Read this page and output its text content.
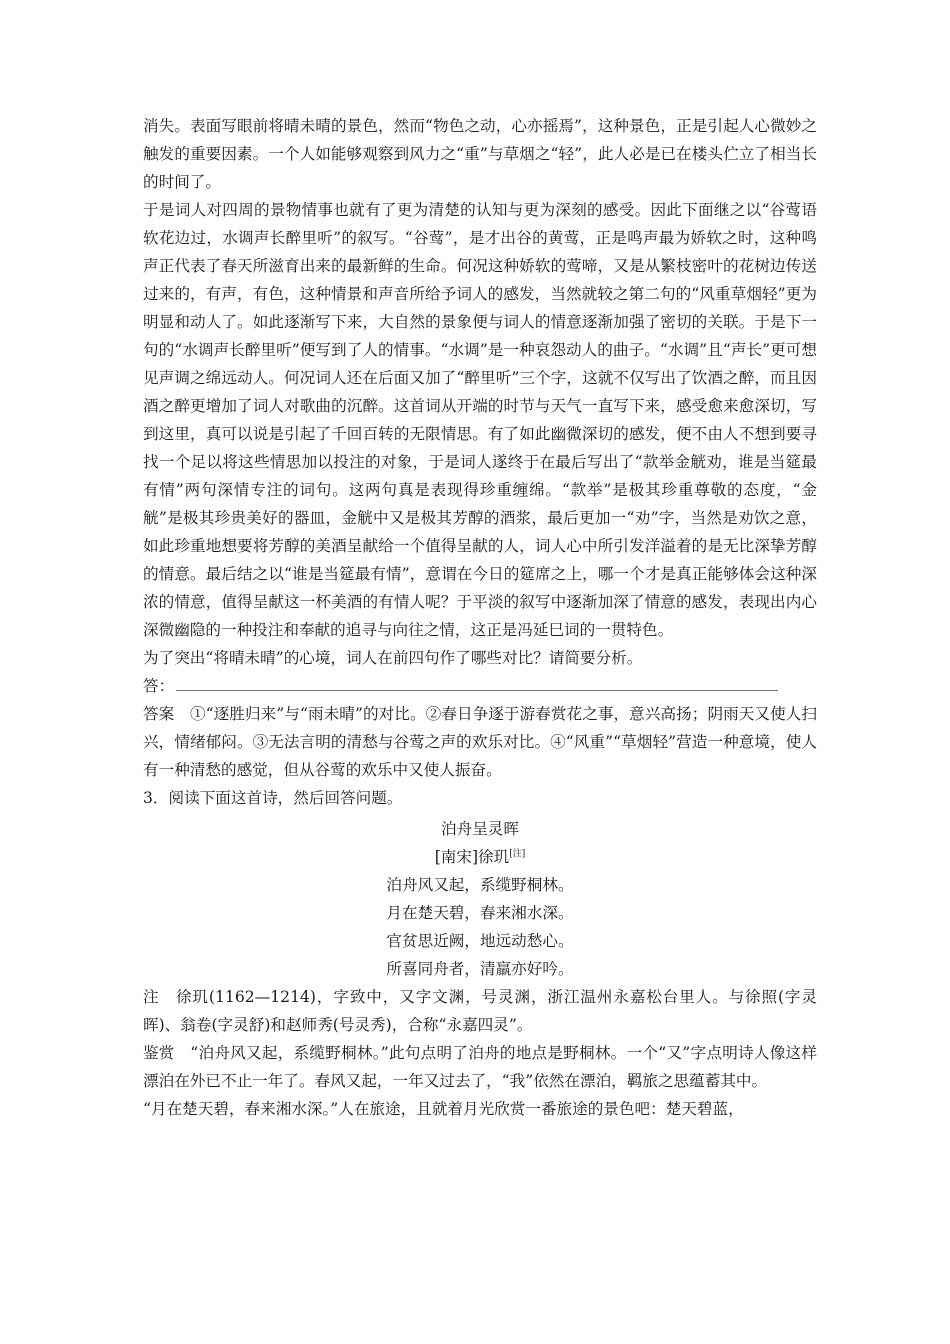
消失。表面写眼前将晴未晴的景色，然而“物色之动，心亦摇焉”，这种景色，正是引起人心微妙之触发的重要因素。一个人如能够观察到风力之“重”与草烟之“轻”，此人必是已在楼头伫立了相当长的时间了。

于是词人对四周的景物情事也就有了更为清楚的认知与更为深刻的感受。因此下面继之以“谷莺语软花边过，水调声长醉里听”的叙写。“谷莺”，是才出谷的黄莺，正是鸣声最为娇软之时，这种鸣声正代表了春天所滋育出来的最新鲜的生命。何况这种娇软的莺啼，又是从繁枝密叶的花树边传送过来的，有声，有色，这种情景和声音所给予词人的感发，当然就较之第二句的“风重草烟轻”更为明显和动人了。如此逐渐写下来，大自然的景象便与词人的情意逐渐加强了密切的关联。于是下一句的“水调声长醉里听”便写到了人的情事。“水调”是一种哀怨动人的曲子。“水调”且“声长”更可想见声调之绵远动人。何况词人还在后面又加了“醉里听”三个字，这就不仅写出了饮酒之醉，而且因酒之醉更增加了词人对歌曲的沉醉。这首词从开端的时节与天气一直写下来，感受愈来愈深切，写到这里，真可以说是引起了千回百转的无限情思。有了如此幽微深切的感发，便不由人不想到要寻找一个足以将这些情思加以投注的对象，于是词人遂终于在最后写出了“款举金觥劝，谁是当筵最有情”两句深情专注的词句。这两句真是表现得珍重缠绵。“款举”是极其珍重尊敬的态度，“金觥”是极其珍贵美好的器皿，金觥中又是极其芳醇的酒浆，最后更加一“劝”字，当然是劝饮之意，如此珍重地想要将芳醇的美酒呈献给一个值得呈献的人，词人心中所引发洋溢着的是无比深挚芳醇的情意。最后结之以“谁是当筵最有情”，意谓在今日的筵席之上，哪一个才是真正能够体会这种深浓的情意，值得呈献这一杯美酒的有情人呢？于平淡的叙写中逐渐加深了情意的感发，表现出内心深微幽隐的一种投注和奉献的追寻与向往之情，这正是冯延巳词的一贯特色。

为了突出“将晴未晴”的心境，词人在前四句作了哪些对比？请简要分析。

答：

答案　 ①“逐胜归来”与“雨未晴”的对比。②春日争逐于游春赏花之事，意兴高扬；阴雨天又使人扫兴，情绪郁闷。③无法言明的清愁与谷莺之声的欢乐对比。④“风重”“草烟轻”营造一种意境，使人有一种清愁的感觉，但从谷莺的欢乐中又使人振奋。

3．阅读下面这首诗，然后回答问题。

泊舟呈灵晖

[南宋]徐玑[注]

泊舟风又起，系缆野桐林。

月在楚天碧，春来湘水深。

官贫思近阙，地远动愁心。

所喜同舟者，清羸亦好吟。

注　 徐玑(1162—1214)，字致中，又字文渊，号灵渊，浙江温州永嘉松台里人。与徐照(字灵晖)、翁卷(字灵舒)和赵师秀(号灵秀)，合称“永嘉四灵”。

鉴赏　 “泊舟风又起，系缆野桐林。”此句点明了泊舟的地点是野桐林。一个“又”字点明诗人像这样漂泊在外已不止一年了。春风又起，一年又过去了，“我”依然在漂泊，羁旅之思蕴蓄其中。

“月在楚天碧，春来湘水深。”人在旅途，且就着月光欣赏一番旅途的景色吧：楚天碧蓝，
